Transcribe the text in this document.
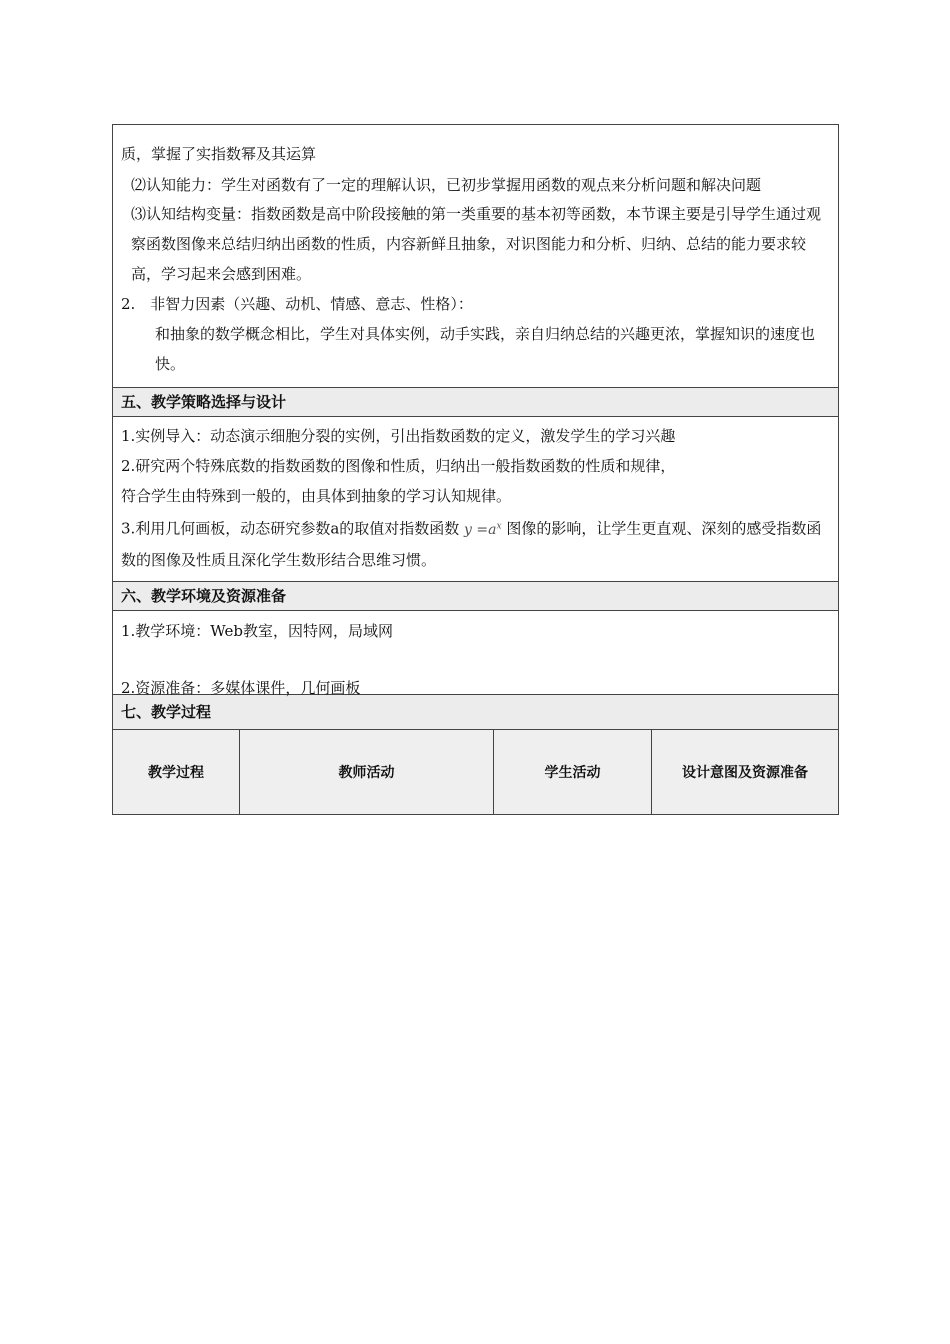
质，掌握了实指数幂及其运算

⑵认知能力：学生对函数有了一定的理解认识，已初步掌握用函数的观点来分析问题和解决问题

⑶认知结构变量：指数函数是高中阶段接触的第一类重要的基本初等函数，本节课主要是引导学生通过观察函数图像来总结归纳出函数的性质，内容新鲜且抽象，对识图能力和分析、归纳、总结的能力要求较高，学习起来会感到困难。

2.　非智力因素（兴趣、动机、情感、意志、性格）：

和抽象的数学概念相比，学生对具体实例，动手实践，亲自归纳总结的兴趣更浓，掌握知识的速度也快。

五、教学策略选择与设计

1.实例导入：动态演示细胞分裂的实例，引出指数函数的定义，激发学生的学习兴趣

2.研究两个特殊底数的指数函数的图像和性质，归纳出一般指数函数的性质和规律，

符合学生由特殊到一般的，由具体到抽象的学习认知规律。

3.利用几何画板，动态研究参数a的取值对指数函数 $y =a^x$ 图像的影响，让学生更直观、深刻的感受指数函数的图像及性质且深化学生数形结合思维习惯。

六、教学环境及资源准备
1.教学环境：Web教室，因特网，局域网
2.资源准备：多媒体课件，几何画板
七、教学过程
教学过程	教师活动	学生活动	设计意图及资源准备
